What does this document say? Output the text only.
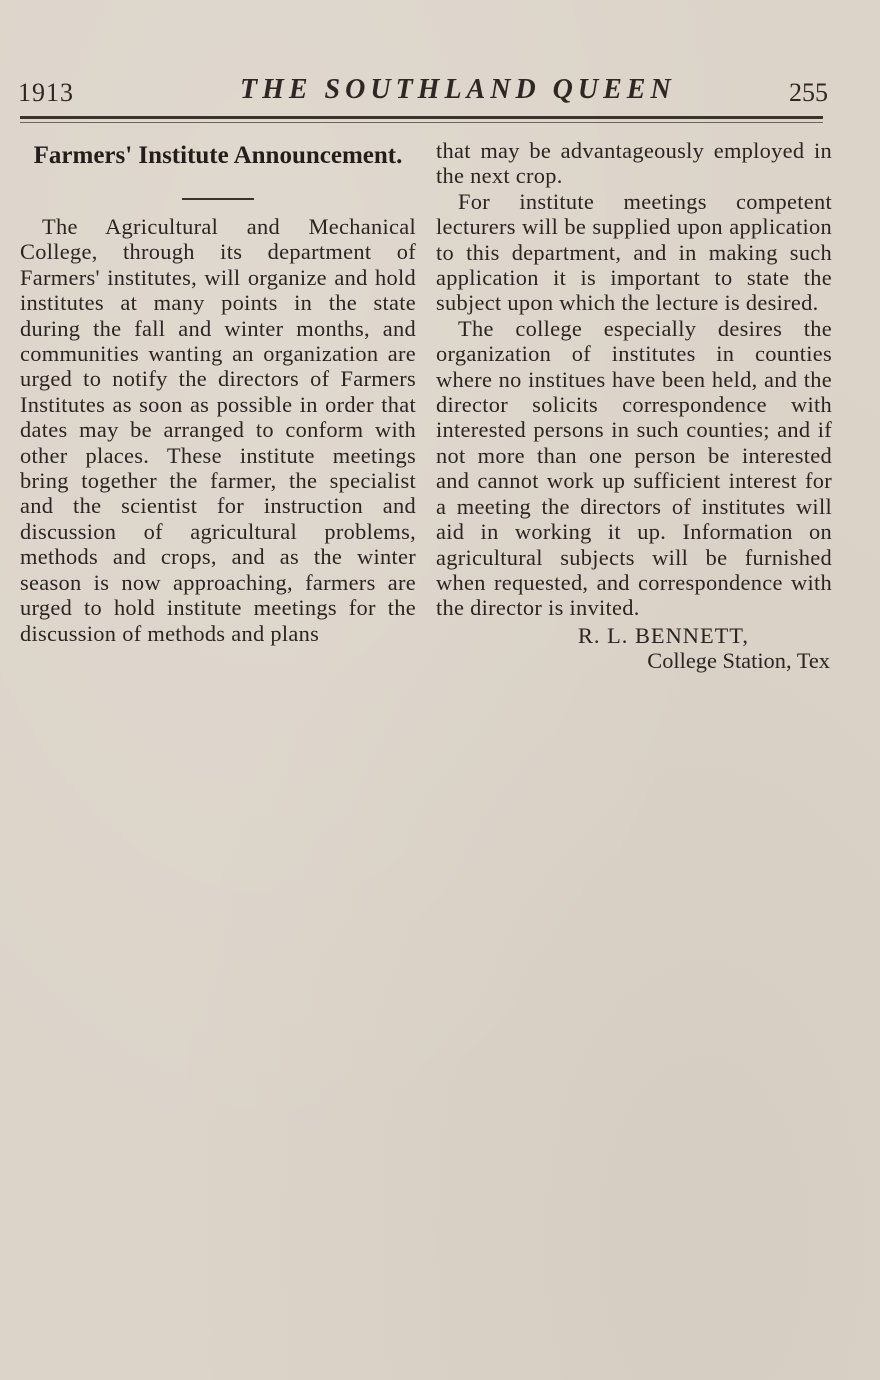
1913	THE SOUTHLAND QUEEN	255
Farmers' Institute Announcement.

The Agricultural and Mechanical College, through its department of Farmers' institutes, will organize and hold institutes at many points in the state during the fall and winter months, and communities wanting an organization are urged to notify the directors of Farmers Institutes as soon as possible in order that dates may be arranged to conform with other places. These institute meetings bring together the farmer, the specialist and the scientist for instruction and discussion of agricultural problems, methods and crops, and as the winter season is now approaching, farmers are urged to hold institute meetings for the discussion of methods and plans

that may be advantageously employed in the next crop.

For institute meetings competent lecturers will be supplied upon application to this department, and in making such application it is important to state the subject upon which the lecture is desired.

The college especially desires the organization of institutes in counties where no institues have been held, and the director solicits correspondence with interested persons in such counties; and if not more than one person be interested and cannot work up sufficient interest for a meeting the directors of institutes will aid in working it up. Information on agricultural subjects will be furnished when requested, and correspondence with the director is invited.

R. L. BENNETT,
College Station, Tex
